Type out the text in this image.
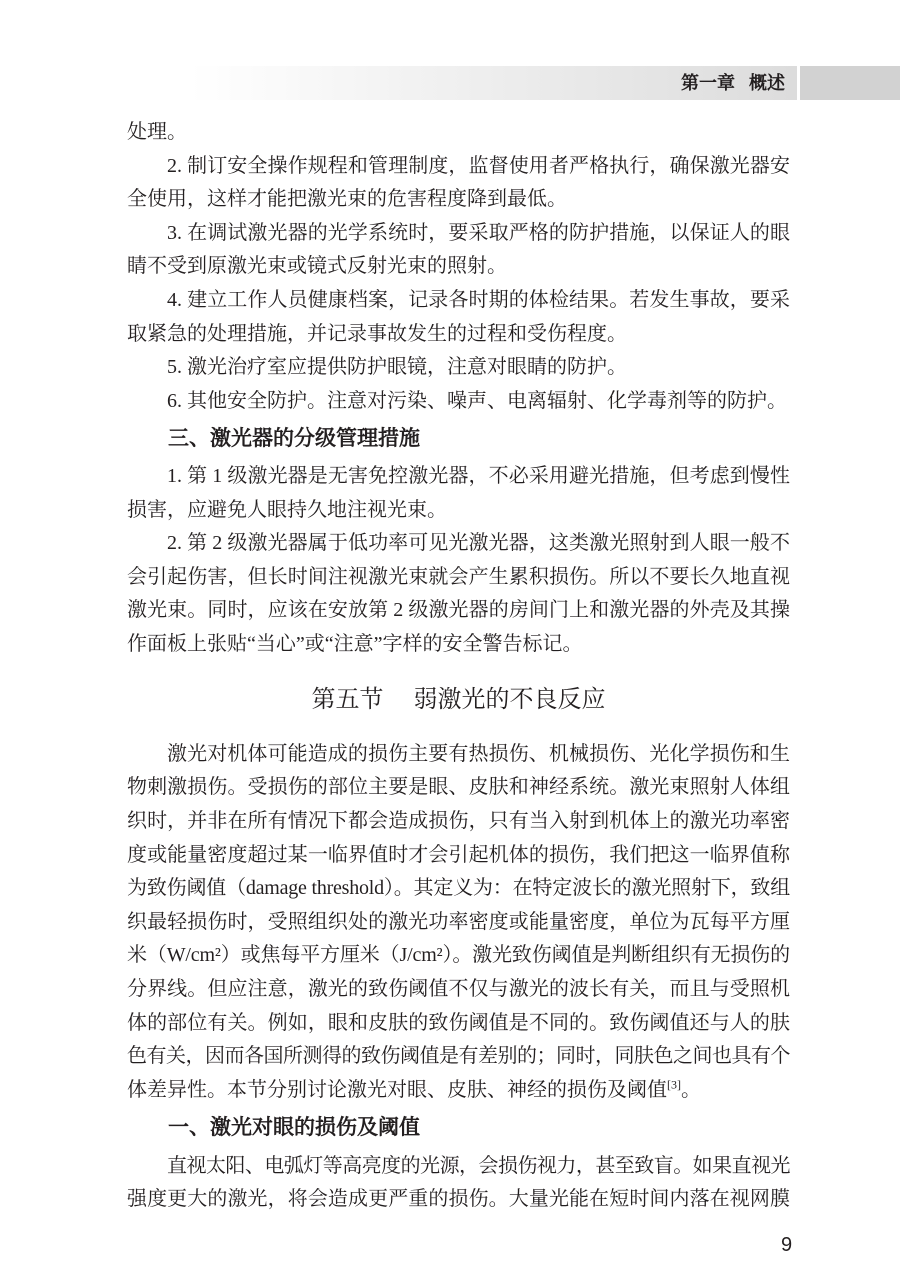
第一章 概述
处理。
2. 制订安全操作规程和管理制度，监督使用者严格执行，确保激光器安
全使用，这样才能把激光束的危害程度降到最低。
3. 在调试激光器的光学系统时，要采取严格的防护措施，以保证人的眼
睛不受到原激光束或镜式反射光束的照射。
4. 建立工作人员健康档案，记录各时期的体检结果。若发生事故，要采
取紧急的处理措施，并记录事故发生的过程和受伤程度。
5. 激光治疗室应提供防护眼镜，注意对眼睛的防护。
6. 其他安全防护。注意对污染、噪声、电离辐射、化学毒剂等的防护。
三、激光器的分级管理措施
1. 第 1 级激光器是无害免控激光器，不必采用避光措施，但考虑到慢性
损害，应避免人眼持久地注视光束。
2. 第 2 级激光器属于低功率可见光激光器，这类激光照射到人眼一般不
会引起伤害，但长时间注视激光束就会产生累积损伤。所以不要长久地直视
激光束。同时，应该在安放第 2 级激光器的房间门上和激光器的外壳及其操
作面板上张贴“当心”或“注意”字样的安全警告标记。
第五节 弱激光的不良反应
激光对机体可能造成的损伤主要有热损伤、机械损伤、光化学损伤和生
物刺激损伤。受损伤的部位主要是眼、皮肤和神经系统。激光束照射人体组
织时，并非在所有情况下都会造成损伤，只有当入射到机体上的激光功率密
度或能量密度超过某一临界值时才会引起机体的损伤，我们把这一临界值称
为致伤阈值（damage threshold）。其定义为：在特定波长的激光照射下，致组
织最轻损伤时，受照组织处的激光功率密度或能量密度，单位为瓦每平方厘
米（W/cm²）或焦每平方厘米（J/cm²）。激光致伤阈值是判断组织有无损伤的
分界线。但应注意，激光的致伤阈值不仅与激光的波长有关，而且与受照机
体的部位有关。例如，眼和皮肤的致伤阈值是不同的。致伤阈值还与人的肤
色有关，因而各国所测得的致伤阈值是有差别的；同时，同肤色之间也具有个
体差异性。本节分别讨论激光对眼、皮肤、神经的损伤及阈值[3]。
一、激光对眼的损伤及阈值
直视太阳、电弧灯等高亮度的光源，会损伤视力，甚至致盲。如果直视光
强度更大的激光，将会造成更严重的损伤。大量光能在短时间内落在视网膜
9
